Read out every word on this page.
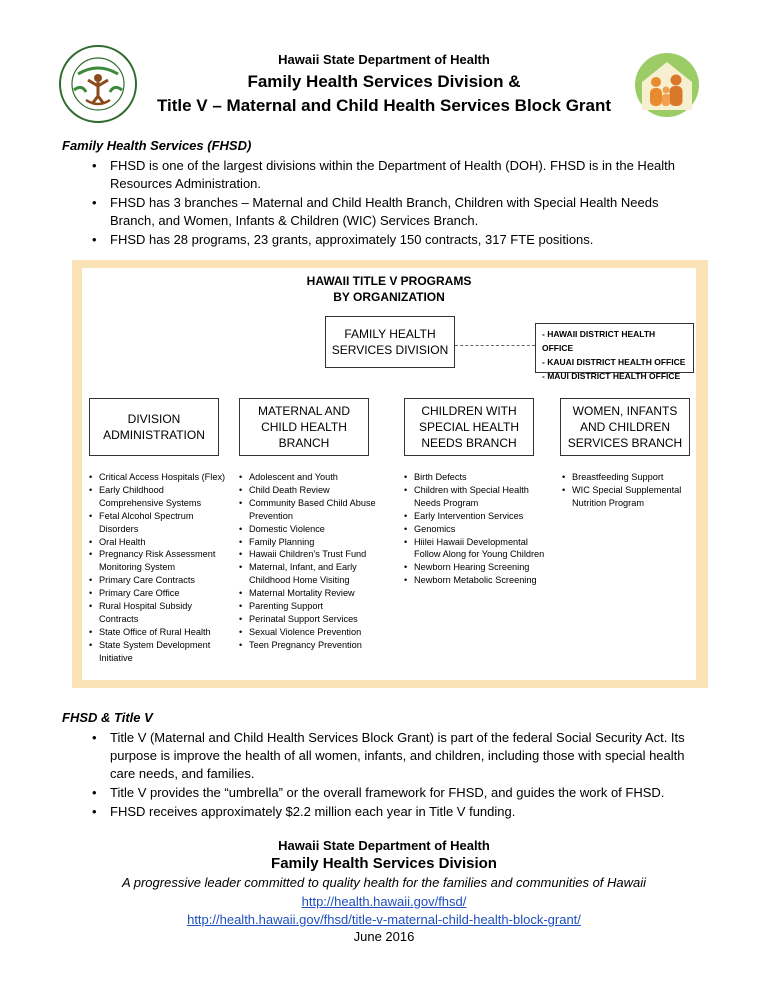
Hawaii State Department of Health
Family Health Services Division &
Title V – Maternal and Child Health Services Block Grant
Family Health Services (FHSD)
• FHSD is one of the largest divisions within the Department of Health (DOH). FHSD is in the Health Resources Administration.
• FHSD has 3 branches – Maternal and Child Health Branch, Children with Special Health Needs Branch, and Women, Infants & Children (WIC) Services Branch.
• FHSD has 28 programs, 23 grants, approximately 150 contracts, 317 FTE positions.
HAWAII TITLE V PROGRAMS
BY ORGANIZATION
FAMILY HEALTH
SERVICES DIVISION
- HAWAII DISTRICT HEALTH OFFICE
- KAUAI DISTRICT HEALTH OFFICE
- MAUI DISTRICT HEALTH OFFICE
DIVISION
ADMINISTRATION
MATERNAL AND
CHILD HEALTH
BRANCH
CHILDREN WITH
SPECIAL HEALTH
NEEDS BRANCH
WOMEN, INFANTS
AND CHILDREN
SERVICES BRANCH
• Critical Access Hospitals (Flex)
• Early Childhood Comprehensive Systems
• Fetal Alcohol Spectrum Disorders
• Oral Health
• Pregnancy Risk Assessment Monitoring System
• Primary Care Contracts
• Primary Care Office
• Rural Hospital Subsidy Contracts
• State Office of Rural Health
• State System Development Initiative
• Adolescent and Youth
• Child Death Review
• Community Based Child Abuse Prevention
• Domestic Violence
• Family Planning
• Hawaii Children’s Trust Fund
• Maternal, Infant, and Early Childhood Home Visiting
• Maternal Mortality Review
• Parenting Support
• Perinatal Support Services
• Sexual Violence Prevention
• Teen Pregnancy Prevention
• Birth Defects
• Children with Special Health Needs Program
• Early Intervention Services
• Genomics
• Hiilei Hawaii Developmental Follow Along for Young Children
• Newborn Hearing Screening
• Newborn Metabolic Screening
• Breastfeeding Support
• WIC Special Supplemental Nutrition Program
FHSD & Title V
• Title V (Maternal and Child Health Services Block Grant) is part of the federal Social Security Act. Its purpose is improve the health of all women, infants, and children, including those with special health care needs, and families.
• Title V provides the “umbrella” or the overall framework for FHSD, and guides the work of FHSD.
• FHSD receives approximately $2.2 million each year in Title V funding.
Hawaii State Department of Health
Family Health Services Division
A progressive leader committed to quality health for the families and communities of Hawaii
http://health.hawaii.gov/fhsd/
http://health.hawaii.gov/fhsd/title-v-maternal-child-health-block-grant/
June 2016
